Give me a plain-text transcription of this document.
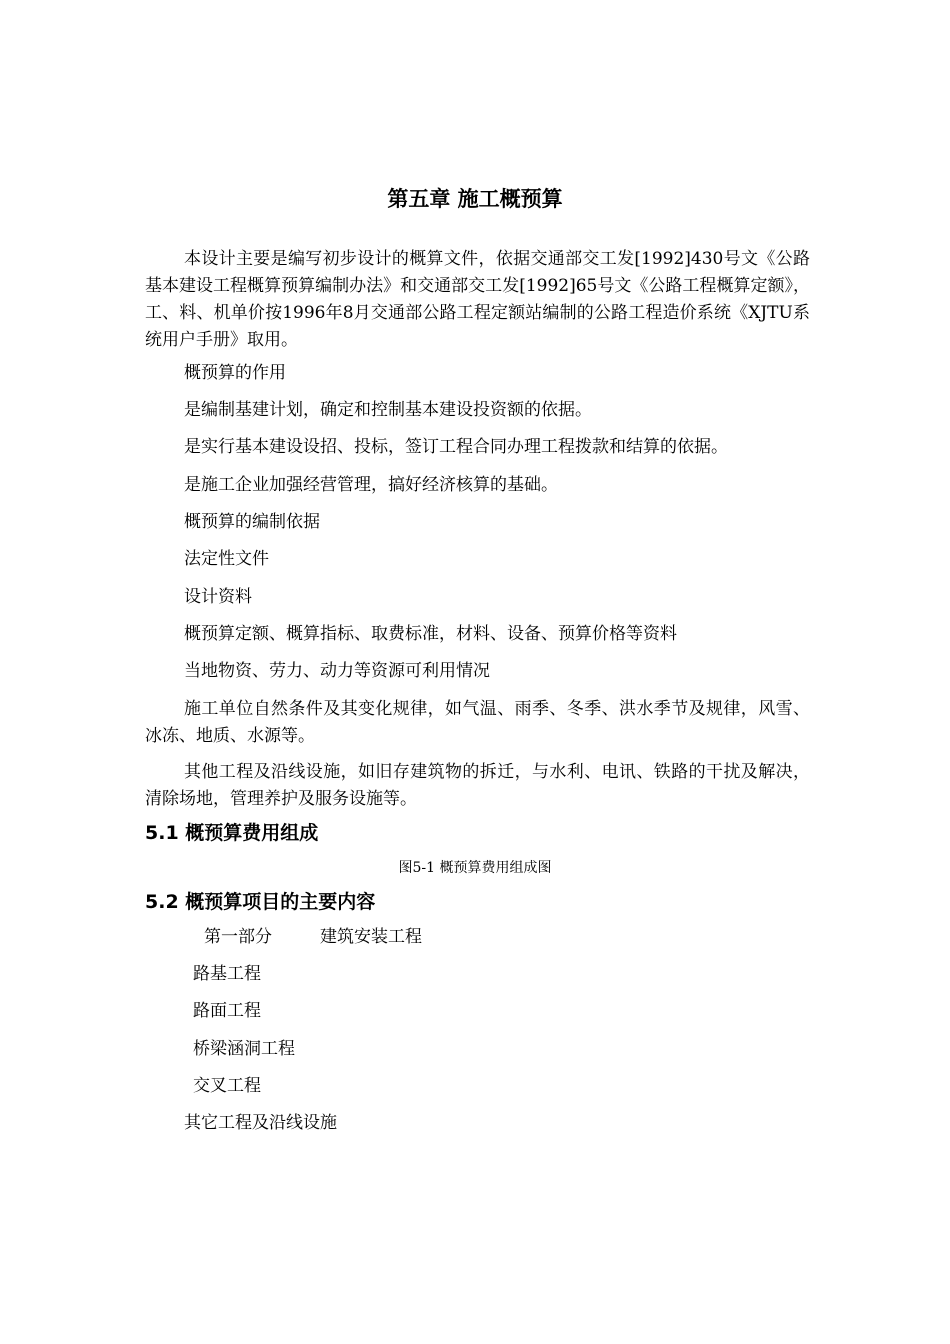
第五章 施工概预算

本设计主要是编写初步设计的概算文件，依据交通部交工发[1992]430号文《公路基本建设工程概算预算编制办法》和交通部交工发[1992]65号文《公路工程概算定额》，工、料、机单价按1996年8月交通部公路工程定额站编制的公路工程造价系统《XJTU系统用户手册》取用。

概预算的作用

是编制基建计划，确定和控制基本建设投资额的依据。

是实行基本建设设招、投标，签订工程合同办理工程拨款和结算的依据。

是施工企业加强经营管理，搞好经济核算的基础。

概预算的编制依据

法定性文件

设计资料

概预算定额、概算指标、取费标准，材料、设备、预算价格等资料

当地物资、劳力、动力等资源可利用情况

施工单位自然条件及其变化规律，如气温、雨季、冬季、洪水季节及规律，风雪、冰冻、地质、水源等。

其他工程及沿线设施，如旧存建筑物的拆迁，与水利、电讯、铁路的干扰及解决，清除场地，管理养护及服务设施等。

5.1 概预算费用组成

图5-1 概预算费用组成图

5.2 概预算项目的主要内容

第一部分	建筑安装工程

路基工程

路面工程

桥梁涵洞工程

交叉工程

其它工程及沿线设施
